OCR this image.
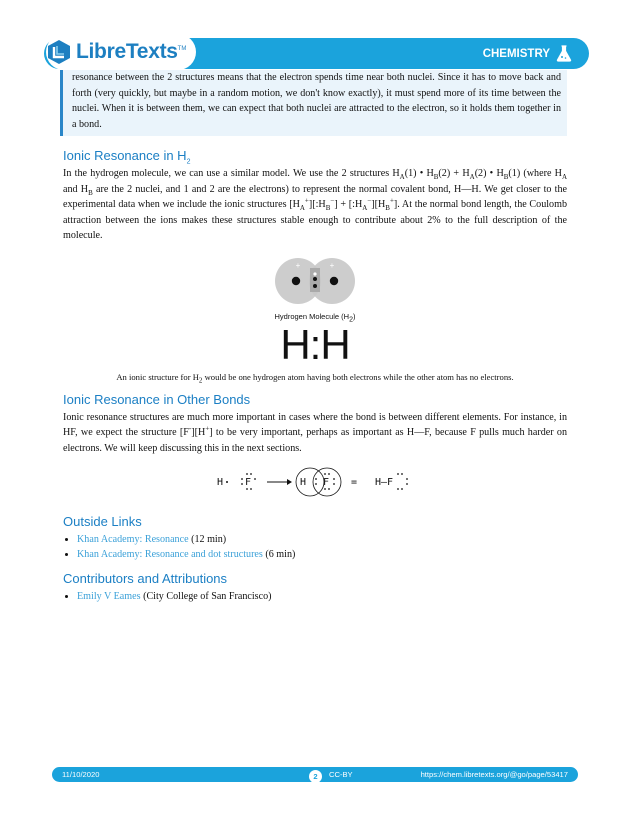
LibreTexts TM	CHEMISTRY
resonance between the 2 structures means that the electron spends time near both nuclei. Since it has to move back and forth (very quickly, but maybe in a random motion, we don't know exactly), it must spend more of its time between the nuclei. When it is between them, we can expect that both nuclei are attracted to the electron, so it holds them together in a bond.
Ionic Resonance in $H_2$

In the hydrogen molecule, we can use a similar model. We use the 2 structures $H_A(1)$ • $H_B(2) + H_A(2)$ • $H_B(1)$ (where $H_A$ and $H_B$ are the 2 nuclei, and 1 and 2 are the electrons) to represent the normal covalent bond, H—H. We get closer to the experimental data when we include the ionic structures $[H_A^+][:H_B^-]$ + $[:H_A^-][H_B^+]$. At the normal bond length, the Coulomb attraction between the ions makes these structures stable enough to contribute about 2% to the full description of the molecule.

+	+
Hydrogen Molecule $(H_2)$
H:H
An ionic structure for $H_2$ would be one hydrogen atom having both electrons while the other atom has no electrons.
Ionic Resonance in Other Bonds

Ionic resonance structures are much more important in cases where the bond is between different elements. For instance, in HF, we expect the structure [F-][H+] to be very important, perhaps as important as H—F, because F pulls much harder on electrons. We will keep discussing this in the next sections.

H F	H F = H—F
Outside Links
• Khan Academy: Resonance (12 min)
• Khan Academy: Resonance and dot structures (6 min)
Contributors and Attributions
• Emily V Eames (City College of San Francisco)
11/10/2020	2	CC-BY	https://chem.libretexts.org/@go/page/53417
